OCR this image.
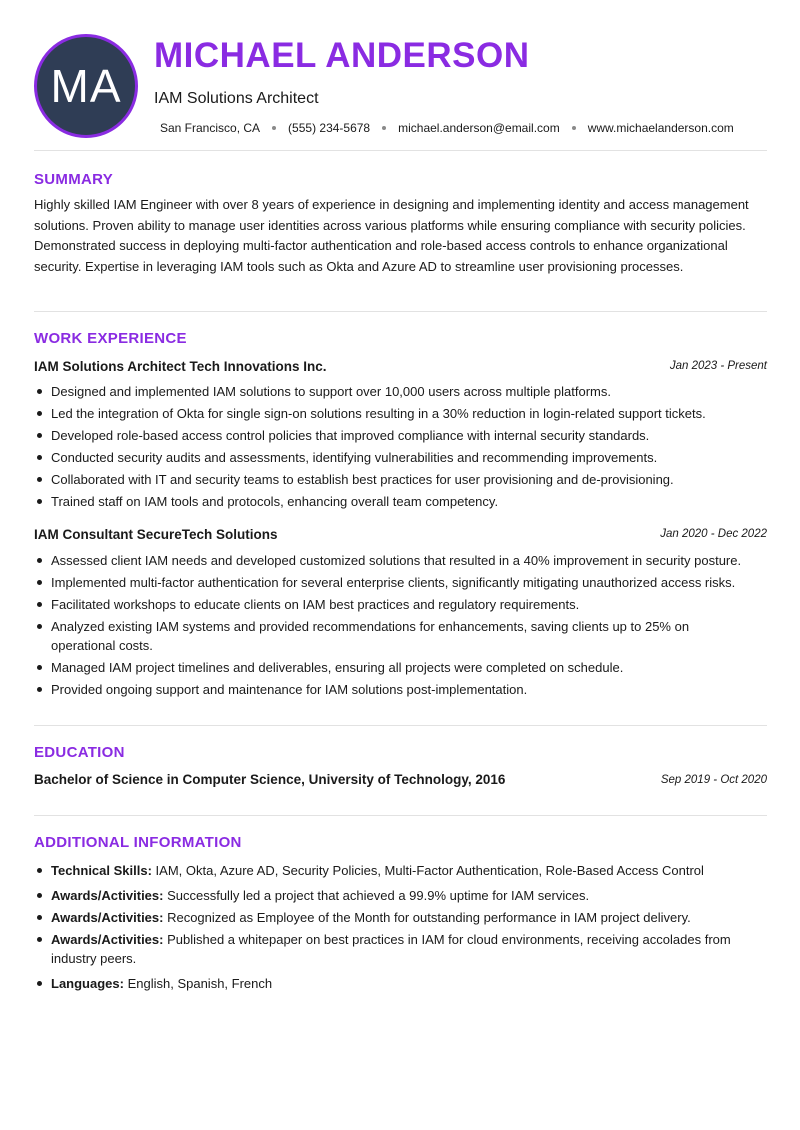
MA
MICHAEL ANDERSON
IAM Solutions Architect
San Francisco, CA (555) 234-5678 michael.anderson@email.com www.michaelanderson.com
SUMMARY
Highly skilled IAM Engineer with over 8 years of experience in designing and implementing identity and access management solutions. Proven ability to manage user identities across various platforms while ensuring compliance with security policies. Demonstrated success in deploying multi-factor authentication and role-based access controls to enhance organizational security. Expertise in leveraging IAM tools such as Okta and Azure AD to streamline user provisioning processes.
WORK EXPERIENCE
IAM Solutions Architect Tech Innovations Inc.	Jan 2023 - Present
Designed and implemented IAM solutions to support over 10,000 users across multiple platforms.
Led the integration of Okta for single sign-on solutions resulting in a 30% reduction in login-related support tickets.
Developed role-based access control policies that improved compliance with internal security standards.
Conducted security audits and assessments, identifying vulnerabilities and recommending improvements.
Collaborated with IT and security teams to establish best practices for user provisioning and de-provisioning.
Trained staff on IAM tools and protocols, enhancing overall team competency.
IAM Consultant SecureTech Solutions	Jan 2020 - Dec 2022
Assessed client IAM needs and developed customized solutions that resulted in a 40% improvement in security posture.
Implemented multi-factor authentication for several enterprise clients, significantly mitigating unauthorized access risks.
Facilitated workshops to educate clients on IAM best practices and regulatory requirements.
Analyzed existing IAM systems and provided recommendations for enhancements, saving clients up to 25% on operational costs.
Managed IAM project timelines and deliverables, ensuring all projects were completed on schedule.
Provided ongoing support and maintenance for IAM solutions post-implementation.
EDUCATION
Bachelor of Science in Computer Science, University of Technology, 2016	Sep 2019 - Oct 2020
ADDITIONAL INFORMATION
Technical Skills: IAM, Okta, Azure AD, Security Policies, Multi-Factor Authentication, Role-Based Access Control
Awards/Activities: Successfully led a project that achieved a 99.9% uptime for IAM services.
Awards/Activities: Recognized as Employee of the Month for outstanding performance in IAM project delivery.
Awards/Activities: Published a whitepaper on best practices in IAM for cloud environments, receiving accolades from industry peers.
Languages: English, Spanish, French
